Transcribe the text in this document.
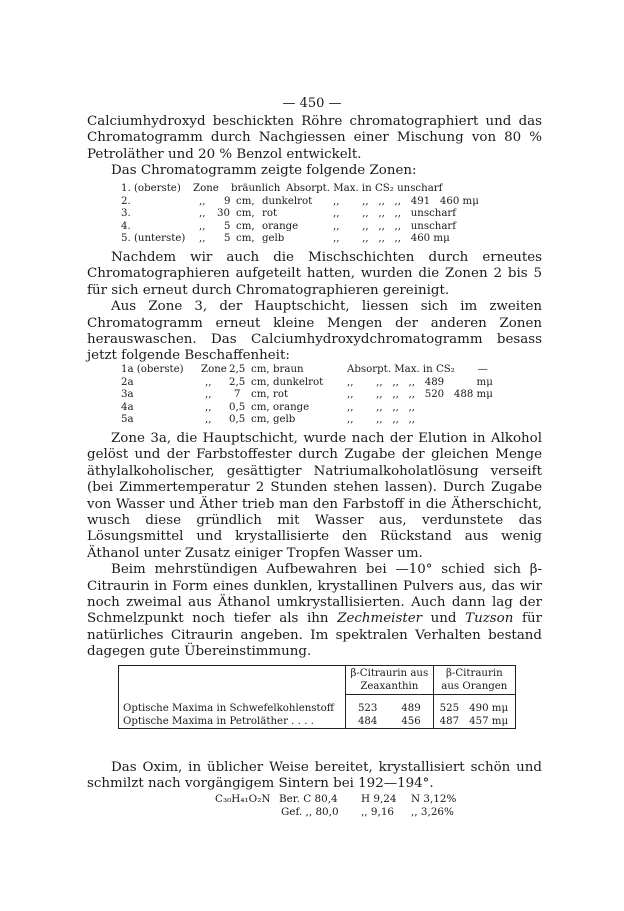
— 450 —

Calciumhydroxyd beschickten Röhre chromatographiert und das Chromatogramm durch Nachgiessen einer Mischung von 80 % Petroläther und 20 % Benzol entwickelt.

Das Chromatogramm zeigte folgende Zonen:

1. (oberste) Zone bräunlich Absorpt. Max. in CS₂ unscharf
2.	,, 9 cm, dunkelrot ,,       ,,   ,,   ,,   491   460 mμ
3.	,, 30 cm, rot	,,       ,,   ,,   ,,   unscharf
4.	,, 5 cm, orange	,,       ,,   ,,   ,,   unscharf
5. (unterste) ,, 5 cm, gelb	,,       ,,   ,,   ,,   460 mμ

Nachdem wir auch die Mischschichten durch erneutes Chromatographieren aufgeteilt hatten, wurden die Zonen 2 bis 5 für sich erneut durch Chromatographieren gereinigt.

Aus Zone 3, der Hauptschicht, liessen sich im zweiten Chromatogramm erneut kleine Mengen der anderen Zonen herauswaschen. Das Calciumhydroxydchromatogramm besass jetzt folgende Beschaffenheit:

1a (oberste) Zone 2,5 cm, braun	Absorpt. Max. in CS₂       —
2a	,, 2,5 cm, dunkelrot ,,       ,,   ,,   ,,   489          mμ
3a	,, 7 cm, rot	,,       ,,   ,,   ,,   520   488 mμ
4a	,, 0,5 cm, orange	,,       ,,   ,,   ,,
5a	,, 0,5 cm, gelb	,,       ,,   ,,   ,,

Zone 3a, die Hauptschicht, wurde nach der Elution in Alkohol gelöst und der Farbstoffester durch Zugabe der gleichen Menge äthylalkoholischer, gesättigter Natriumalkoholatlösung verseift (bei Zimmertemperatur 2 Stunden stehen lassen). Durch Zugabe von Wasser und Äther trieb man den Farbstoff in die Ätherschicht, wusch diese gründlich mit Wasser aus, verdunstete das Lösungsmittel und krystallisierte den Rückstand aus wenig Äthanol unter Zusatz einiger Tropfen Wasser um.

Beim mehrstündigen Aufbewahren bei —10° schied sich β-Citraurin in Form eines dunklen, krystallinen Pulvers aus, das wir noch zweimal aus Äthanol umkrystallisierten. Auch dann lag der Schmelzpunkt noch tiefer als ihn Zechmeister und Tuzson für natürliches Citraurin angeben. Im spektralen Verhalten bestand dagegen gute Übereinstimmung.

	β-Citraurin aus Zeaxanthin		β-Citraurin aus Orangen	
Optische Maxima in Schwefelkohlenstoff	523	489	525	490 mμ
Optische Maxima in Petroläther . . . .	484	456	487	457 mμ

Das Oxim, in üblicher Weise bereitet, krystallisiert schön und schmilzt nach vorgängigem Sintern bei 192—194°.

C₃₀H₄₁O₂N Ber. C 80,4 H 9,24 N 3,12%
Gef. ,, 80,0 ,, 9,16 ,, 3,26%
